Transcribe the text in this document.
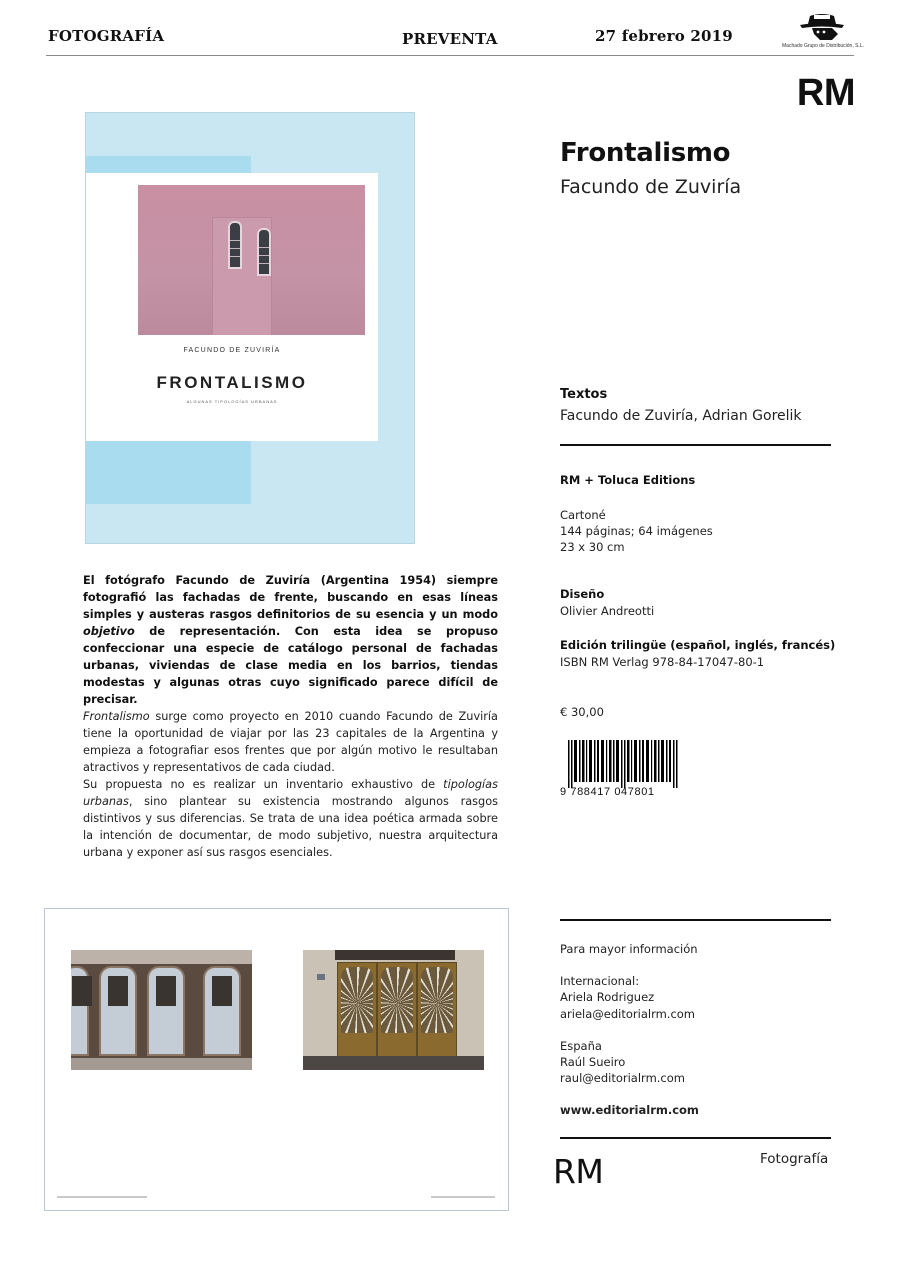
FOTOGRAFÍA	PREVENTA	27 febrero 2019
Machado Grupo de Distribución, S.L.
RM
FACUNDO DE ZUVIRÍA
FRONTALISMO
ALGUNAS TIPOLOGÍAS URBANAS
Frontalismo
Facundo de Zuviría
Textos
Facundo de Zuviría, Adrian Gorelik
RM + Toluca Editions
Cartoné
144 páginas; 64 imágenes
23 x 30 cm
Diseño
Olivier Andreotti
Edición trilingüe (español, inglés, francés)
ISBN RM Verlag 978-84-17047-80-1
€ 30,00
9 788417 047801

El fotógrafo Facundo de Zuviría (Argentina 1954) siempre fotografió las fachadas de frente, buscando en esas líneas simples y austeras rasgos definitorios de su esencia y un modo objetivo de representación. Con esta idea se propuso confeccionar una especie de catálogo personal de fachadas urbanas, viviendas de clase media en los barrios, tiendas modestas y algunas otras cuyo significado parece difícil de precisar.

Frontalismo surge como proyecto en 2010 cuando Facundo de Zuviría tiene la oportunidad de viajar por las 23 capitales de la Argentina y empieza a fotografiar esos frentes que por algún motivo le resultaban atractivos y representativos de cada ciudad.

Su propuesta no es realizar un inventario exhaustivo de tipologías urbanas, sino plantear su existencia mostrando algunos rasgos distintivos y sus diferencias. Se trata de una idea poética armada sobre la intención de documentar, de modo subjetivo, nuestra arquitectura urbana y exponer así sus rasgos esenciales.

Para mayor información

Internacional:

Ariela Rodriguez

ariela@editorialrm.com

España

Raúl Sueiro

raul@editorialrm.com

www.editorialrm.com

RM	Fotografía
